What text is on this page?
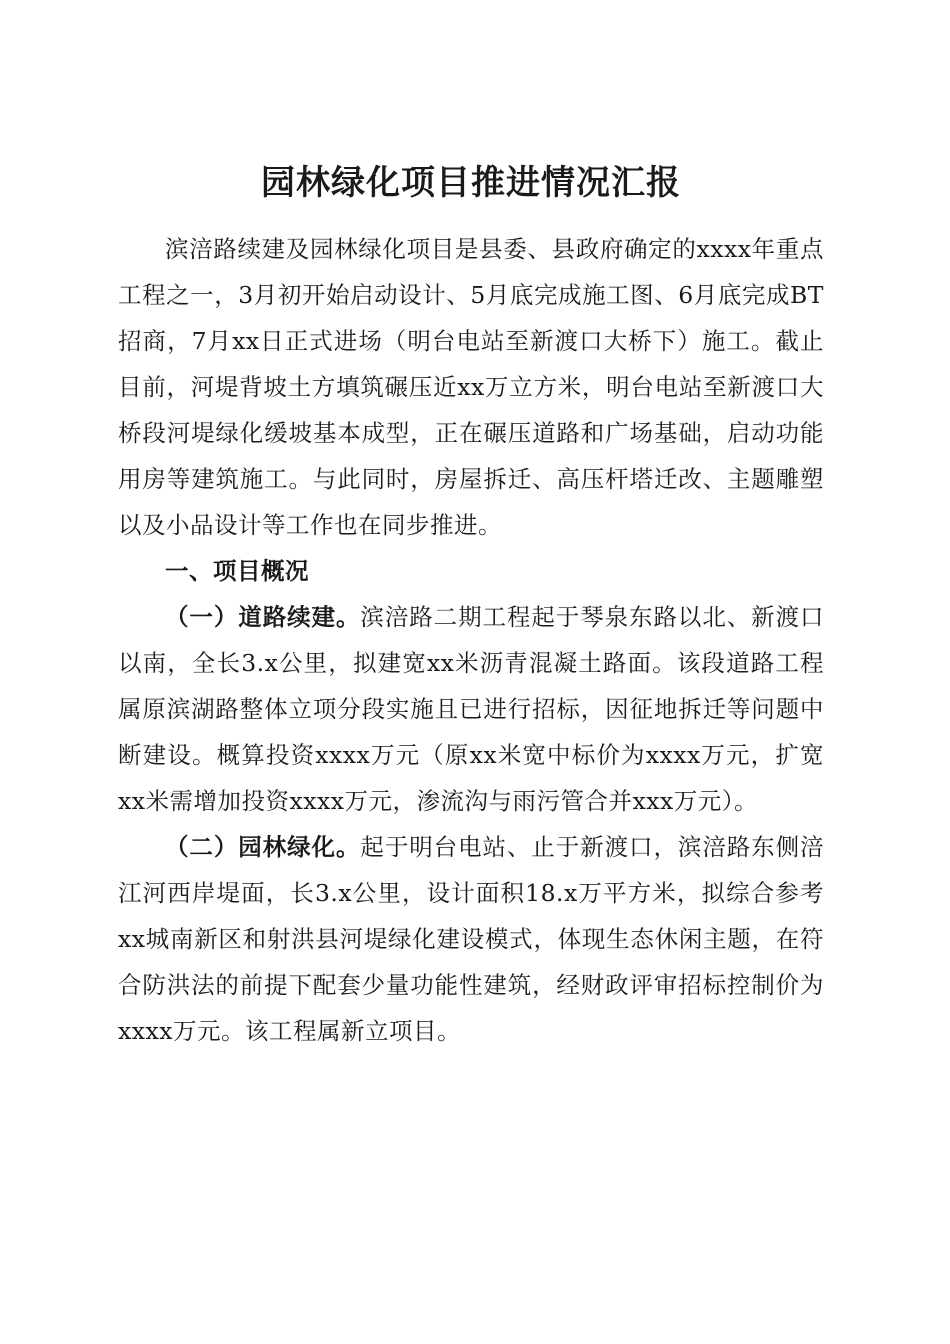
园林绿化项目推进情况汇报

滨涪路续建及园林绿化项目是县委、县政府确定的xxxx年重点工程之一，3月初开始启动设计、5月底完成施工图、6月底完成BT招商，7月xx日正式进场（明台电站至新渡口大桥下）施工。截止目前，河堤背坡土方填筑碾压近xx万立方米，明台电站至新渡口大桥段河堤绿化缓坡基本成型，正在碾压道路和广场基础，启动功能用房等建筑施工。与此同时，房屋拆迁、高压杆塔迁改、主题雕塑以及小品设计等工作也在同步推进。

一、项目概况

（一）道路续建。滨涪路二期工程起于琴泉东路以北、新渡口以南，全长3.x公里，拟建宽xx米沥青混凝土路面。该段道路工程属原滨湖路整体立项分段实施且已进行招标，因征地拆迁等问题中断建设。概算投资xxxx万元（原xx米宽中标价为xxxx万元，扩宽xx米需增加投资xxxx万元，渗流沟与雨污管合并xxx万元）。

（二）园林绿化。起于明台电站、止于新渡口，滨涪路东侧涪江河西岸堤面，长3.x公里，设计面积18.x万平方米，拟综合参考xx城南新区和射洪县河堤绿化建设模式，体现生态休闲主题，在符合防洪法的前提下配套少量功能性建筑，经财政评审招标控制价为xxxx万元。该工程属新立项目。
